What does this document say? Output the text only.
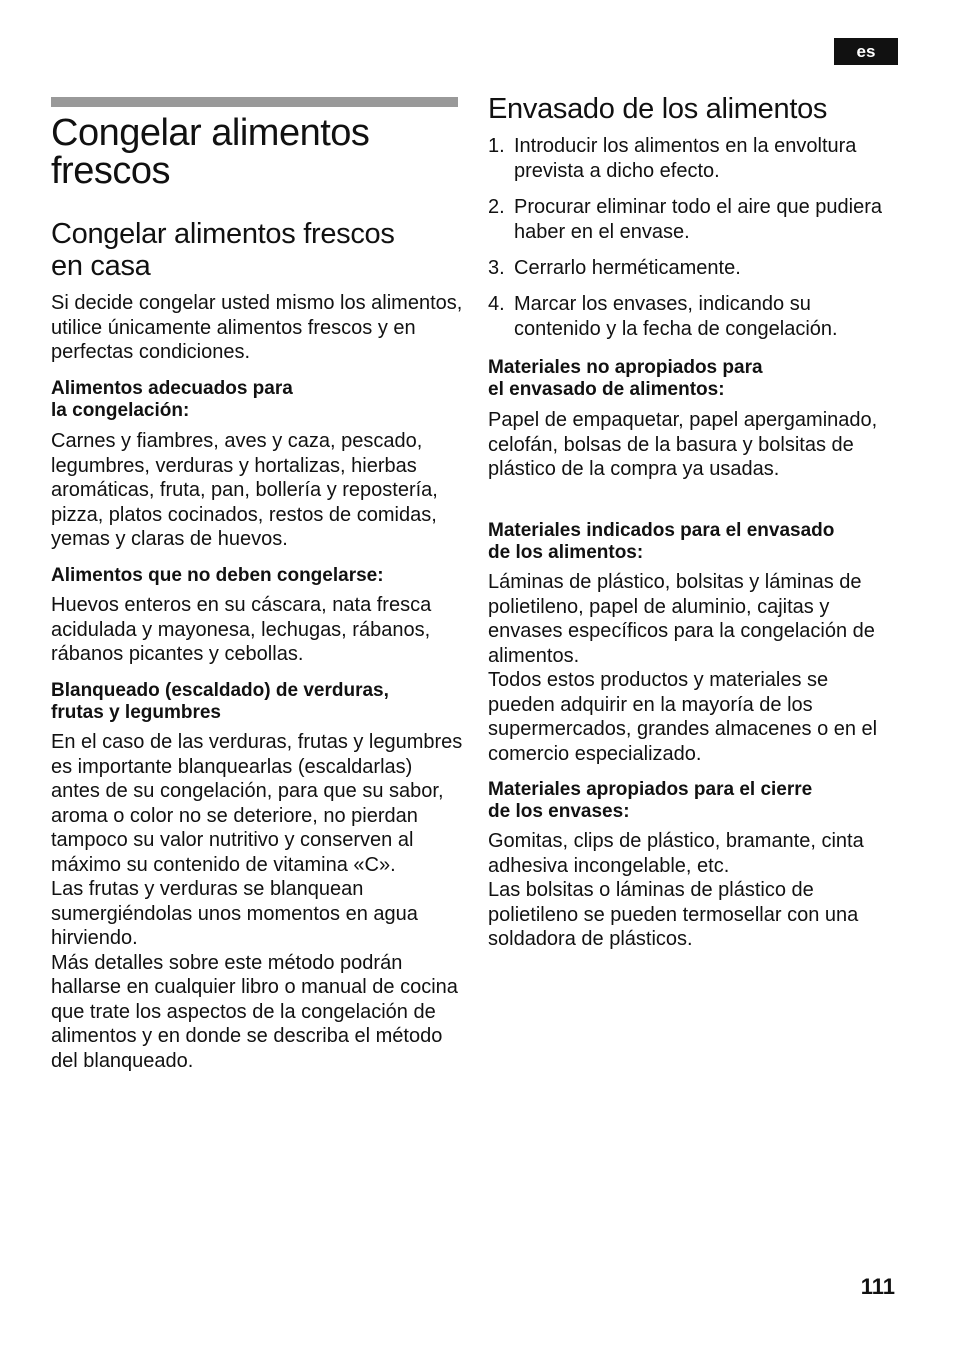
es
Congelar alimentos
frescos
Congelar alimentos frescos
en casa

Si decide congelar usted mismo los alimentos, utilice únicamente alimentos frescos y en perfectas condiciones.

Alimentos adecuados para
la congelación:

Carnes y fiambres, aves y caza, pescado, legumbres, verduras y hortalizas, hierbas aromáticas, fruta, pan, bollería y repostería, pizza, platos cocinados, restos de comidas, yemas y claras de huevos.

Alimentos que no deben congelarse:

Huevos enteros en su cáscara, nata fresca acidulada y mayonesa, lechugas, rábanos, rábanos picantes y cebollas.

Blanqueado (escaldado) de verduras,
frutas y legumbres

En el caso de las verduras, frutas y legumbres es importante blanquearlas (escaldarlas) antes de su congelación, para que su sabor, aroma o color no se deteriore, no pierdan tampoco su valor nutritivo y conserven al máximo su contenido de vitamina «C».

Las frutas y verduras se blanquean sumergiéndolas unos momentos en agua hirviendo.

Más detalles sobre este método podrán hallarse en cualquier libro o manual de cocina que trate los aspectos de la congelación de alimentos y en donde se describa el método del blanqueado.

Envasado de los alimentos
1. Introducir los alimentos en la envoltura prevista a dicho efecto.
2. Procurar eliminar todo el aire que pudiera haber en el envase.
3. Cerrarlo herméticamente.
4. Marcar los envases, indicando su contenido y la fecha de congelación.
Materiales no apropiados para
el envasado de alimentos:

Papel de empaquetar, papel apergaminado, celofán, bolsas de la basura y bolsitas de plástico de la compra ya usadas.

Materiales indicados para el envasado
de los alimentos:

Láminas de plástico, bolsitas y láminas de polietileno, papel de aluminio, cajitas y envases específicos para la congelación de alimentos.

Todos estos productos y materiales se pueden adquirir en la mayoría de los supermercados, grandes almacenes o en el comercio especializado.

Materiales apropiados para el cierre
de los envases:

Gomitas, clips de plástico, bramante, cinta adhesiva incongelable, etc.

Las bolsitas o láminas de plástico de polietileno se pueden termosellar con una soldadora de plásticos.

111
